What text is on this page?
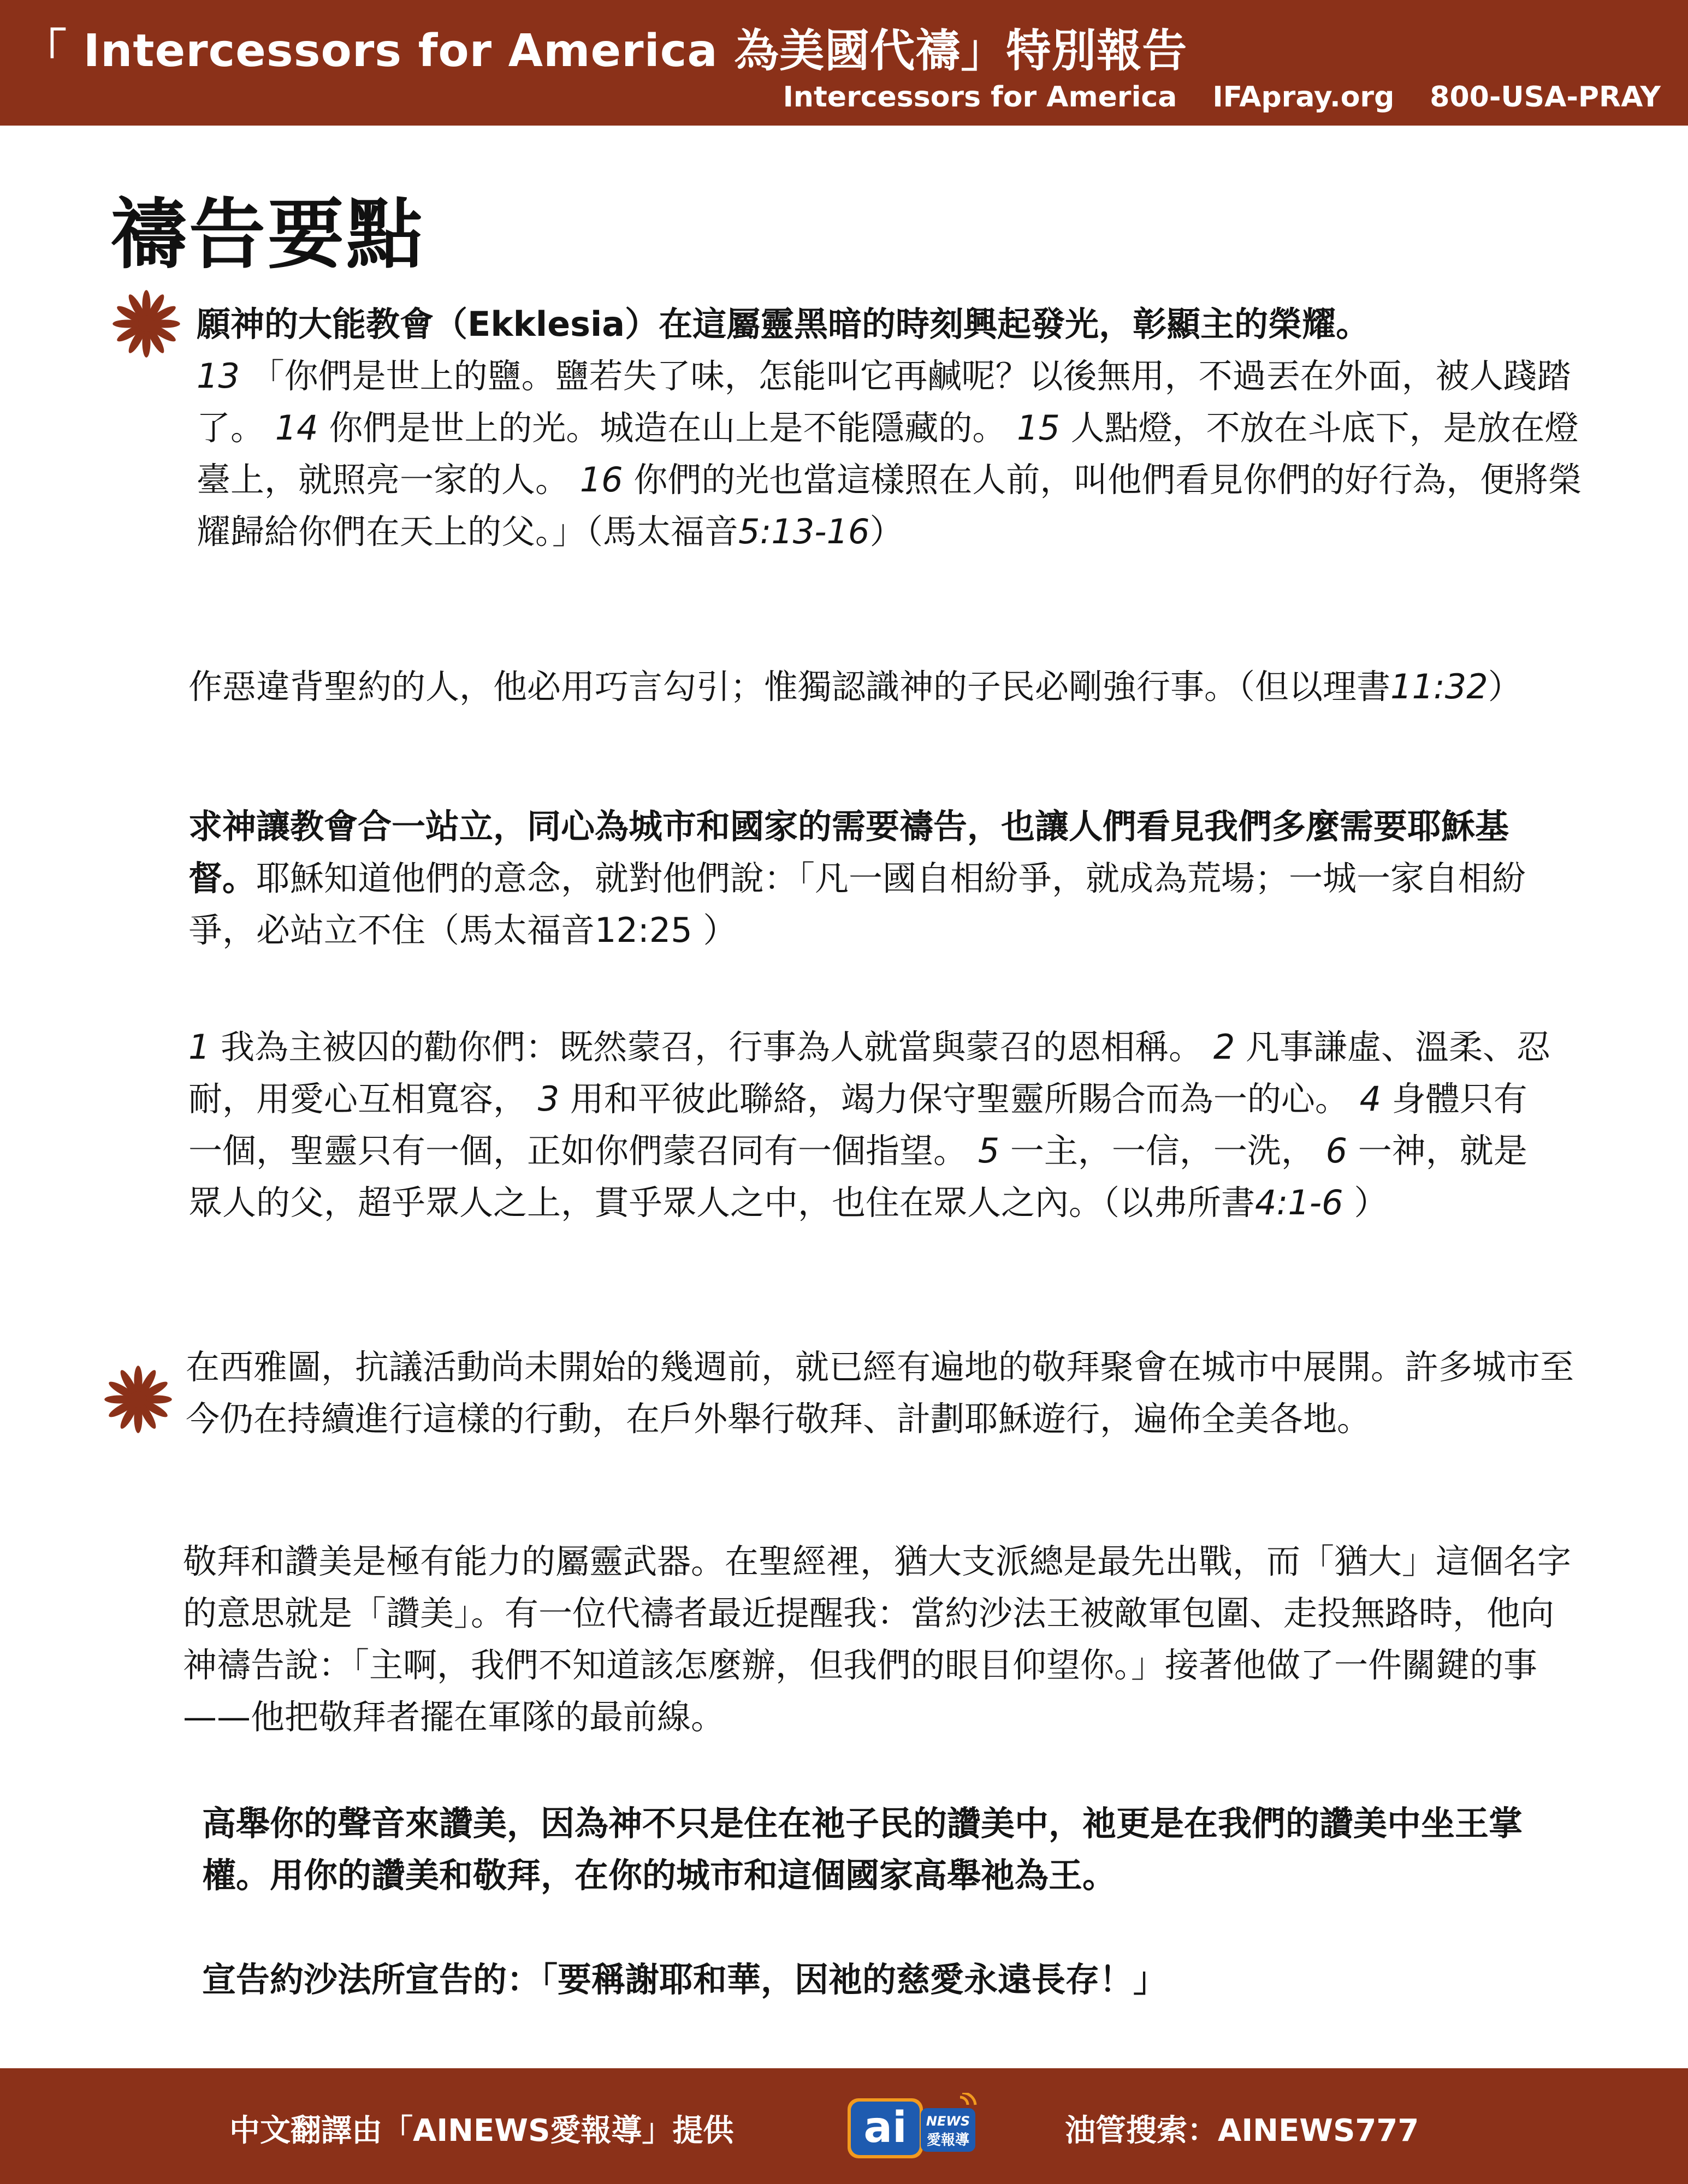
「 Intercessors for America 為美國代禱」特別報告
Intercessors for America IFApray.org 800-USA-PRAY
禱告要點
願神的大能教會（Ekklesia）在這屬靈黑暗的時刻興起發光，彰顯主的榮耀。
13 「你們是世上的鹽。鹽若失了味，怎能叫它再鹹呢？以後無用，不過丟在外面，被人踐踏了。 14 你們是世上的光。城造在山上是不能隱藏的。 15 人點燈，不放在斗底下，是放在燈臺上，就照亮一家的人。 16 你們的光也當這樣照在人前，叫他們看見你們的好行為，便將榮耀歸給你們在天上的父。」（馬太福音5:13-16）
作惡違背聖約的人，他必用巧言勾引；惟獨認識神的子民必剛強行事。（但以理書11:32）
求神讓教會合一站立，同心為城市和國家的需要禱告，也讓人們看見我們多麼需要耶穌基督。耶穌知道他們的意念，就對他們說：「凡一國自相紛爭，就成為荒場；一城一家自相紛爭，必站立不住（馬太福音12:25 ）
1 我為主被囚的勸你們：既然蒙召，行事為人就當與蒙召的恩相稱。 2 凡事謙虛、溫柔、忍耐，用愛心互相寬容， 3 用和平彼此聯絡，竭力保守聖靈所賜合而為一的心。 4 身體只有一個，聖靈只有一個，正如你們蒙召同有一個指望。 5 一主，一信，一洗， 6 一神，就是眾人的父，超乎眾人之上，貫乎眾人之中，也住在眾人之內。（以弗所書4:1-6 ）
在西雅圖，抗議活動尚未開始的幾週前，就已經有遍地的敬拜聚會在城市中展開。許多城市至今仍在持續進行這樣的行動，在戶外舉行敬拜、計劃耶穌遊行，遍佈全美各地。
敬拜和讚美是極有能力的屬靈武器。在聖經裡，猶大支派總是最先出戰，而「猶大」這個名字的意思就是「讚美」。有一位代禱者最近提醒我：當約沙法王被敵軍包圍、走投無路時，他向神禱告說：「主啊，我們不知道該怎麼辦，但我們的眼目仰望你。」接著他做了一件關鍵的事——他把敬拜者擺在軍隊的最前線。
高舉你的聲音來讚美，因為神不只是住在祂子民的讚美中，祂更是在我們的讚美中坐王掌權。用你的讚美和敬拜，在你的城市和這個國家高舉祂為王。
宣告約沙法所宣告的：「要稱謝耶和華，因祂的慈愛永遠長存！」
中文翻譯由「AINEWS愛報導」提供	ai NEWS
愛報導	油管搜索：AINEWS777
